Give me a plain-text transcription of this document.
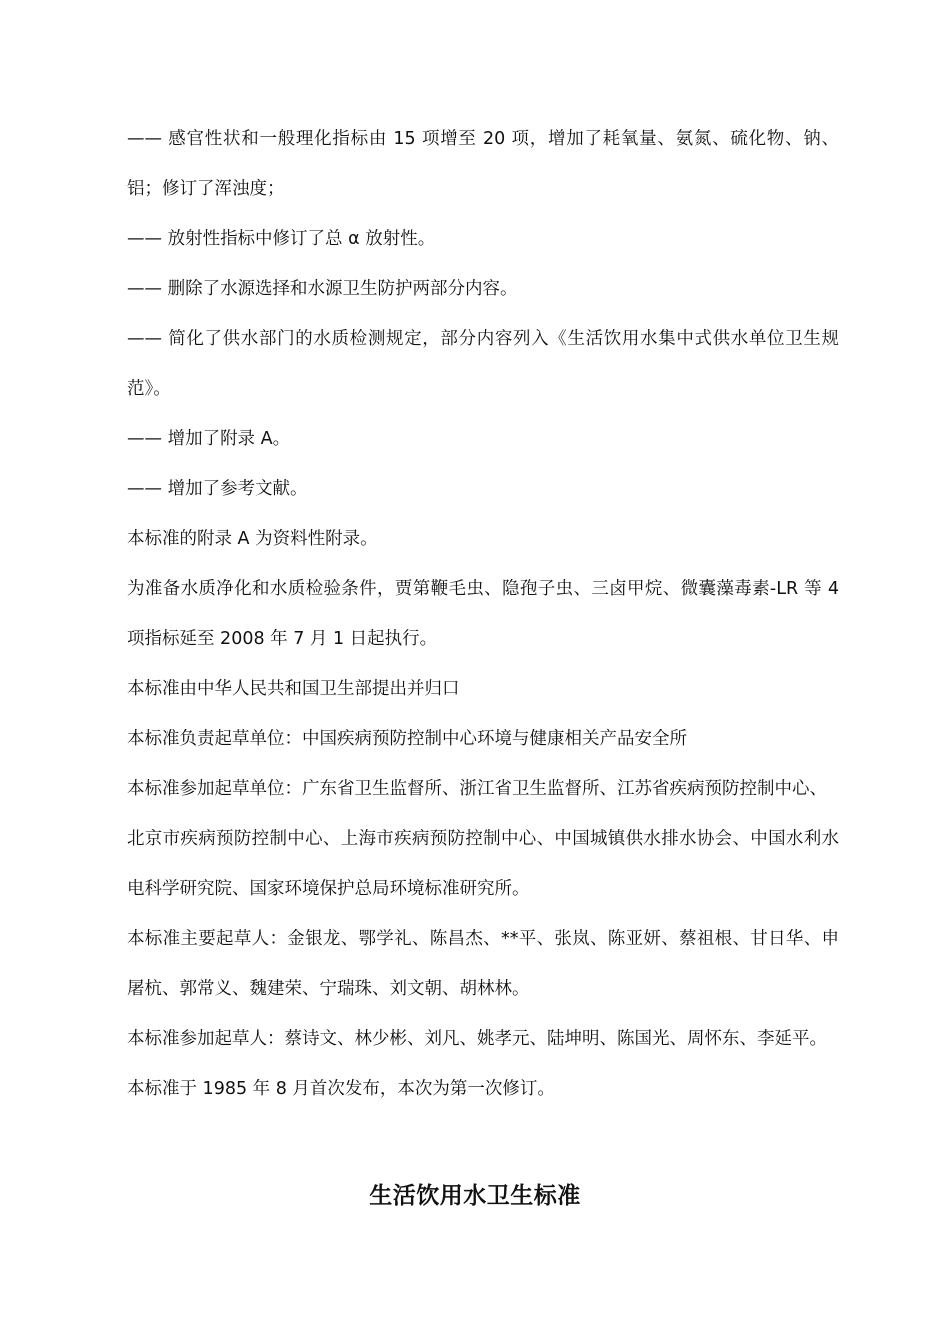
—— 感官性状和一般理化指标由 15 项增至 20 项，增加了耗氧量、氨氮、硫化物、钠、铝；修订了浑浊度；

—— 放射性指标中修订了总 α 放射性。

—— 删除了水源选择和水源卫生防护两部分内容。

—— 简化了供水部门的水质检测规定，部分内容列入《生活饮用水集中式供水单位卫生规范》。

—— 增加了附录 A。

—— 增加了参考文献。

本标准的附录 A 为资料性附录。

为准备水质净化和水质检验条件，贾第鞭毛虫、隐孢子虫、三卤甲烷、微囊藻毒素-LR 等 4 项指标延至 2008 年 7 月 1 日起执行。

本标准由中华人民共和国卫生部提出并归口

本标准负责起草单位：中国疾病预防控制中心环境与健康相关产品安全所

本标准参加起草单位：广东省卫生监督所、浙江省卫生监督所、江苏省疾病预防控制中心、

北京市疾病预防控制中心、上海市疾病预防控制中心、中国城镇供水排水协会、中国水利水电科学研究院、国家环境保护总局环境标准研究所。

本标准主要起草人：金银龙、鄂学礼、陈昌杰、**平、张岚、陈亚妍、蔡祖根、甘日华、申屠杭、郭常义、魏建荣、宁瑞珠、刘文朝、胡林林。

本标准参加起草人：蔡诗文、林少彬、刘凡、姚孝元、陆坤明、陈国光、周怀东、李延平。

本标准于 1985 年 8 月首次发布，本次为第一次修订。

生活饮用水卫生标准
